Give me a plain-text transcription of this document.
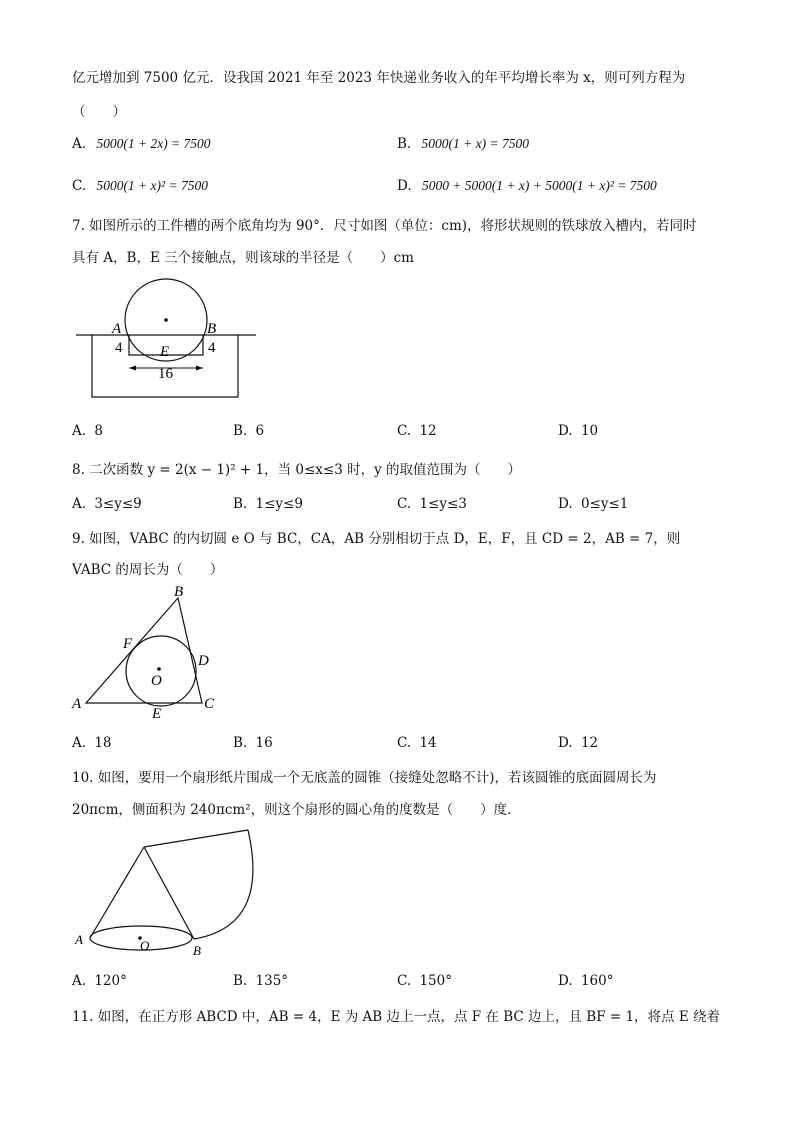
亿元增加到 7500 亿元．设我国 2021 年至 2023 年快递业务收入的年平均增长率为 x，则可列方程为
（　　）
A. 5000(1 + 2x) = 7500	B. 5000(1 + x) = 7500
C. 5000(1 + x)² = 7500	D. 5000 + 5000(1 + x) + 5000(1 + x)² = 7500
7. 如图所示的工件槽的两个底角均为 90°．尺寸如图（单位：cm)，将形状规则的铁球放入槽内，若同时
具有 A，B，E 三个接触点，则该球的半径是（　　）cm
A	B
E
4	4
16
A. 8	B. 6	C. 12	D. 10
8. 二次函数 y = 2(x − 1)² + 1，当 0≤x≤3 时，y 的取值范围为（　　）
A. 3≤y≤9	B. 1≤y≤9	C. 1≤y≤3	D. 0≤y≤1
9. 如图，VABC 的内切圆 e O 与 BC，CA，AB 分别相切于点 D，E，F，且 CD = 2，AB = 7，则
VABC 的周长为（　　）
A
B
C
D
E
F
O
A. 18	B. 16	C. 14	D. 12
10. 如图，要用一个扇形纸片围成一个无底盖的圆锥（接缝处忽略不计)，若该圆锥的底面圆周长为
20πcm，侧面积为 240πcm²，则这个扇形的圆心角的度数是（　　）度．
A	O	B
A. 120°	B. 135°	C. 150°	D. 160°
11. 如图，在正方形 ABCD 中，AB = 4，E 为 AB 边上一点，点 F 在 BC 边上，且 BF = 1，将点 E 绕着
